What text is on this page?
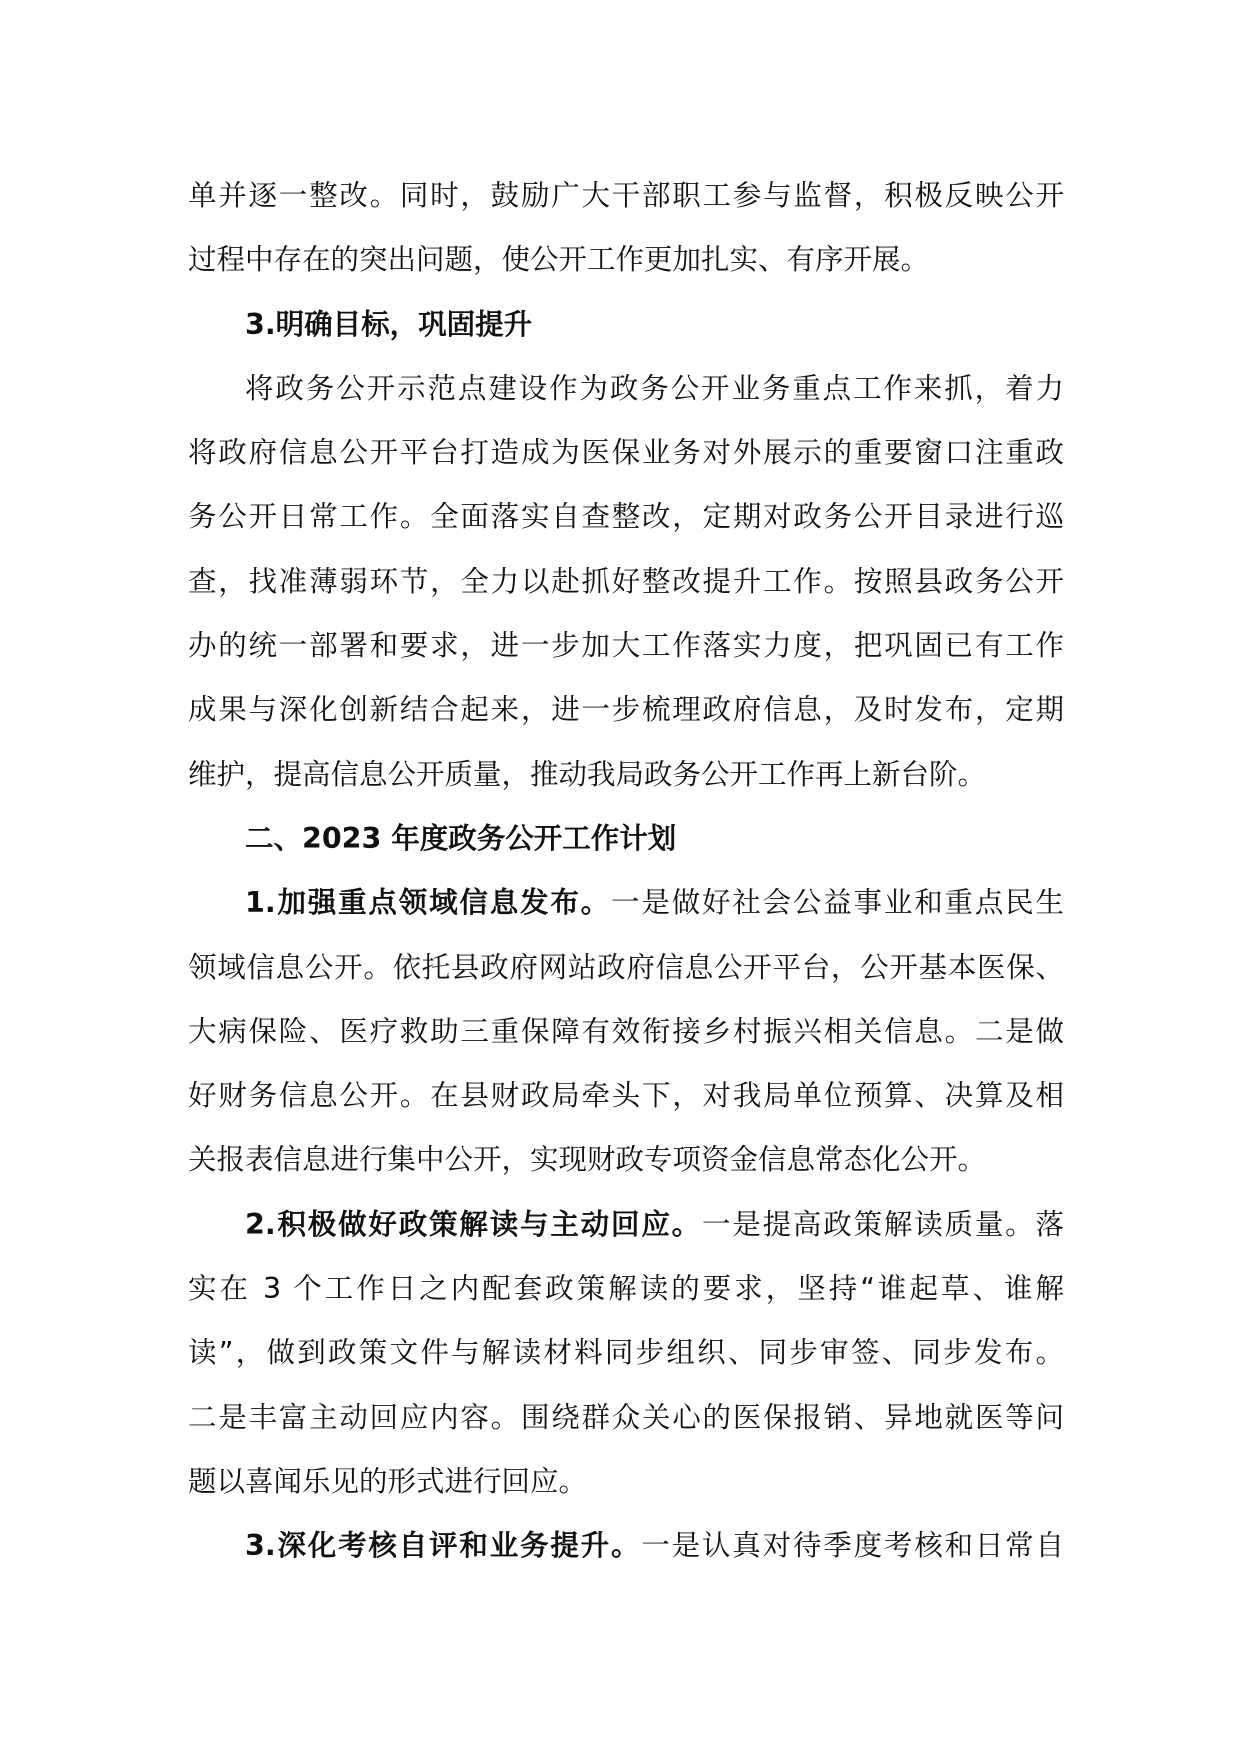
单并逐一整改。同时，鼓励广大干部职工参与监督，积极反映公开
过程中存在的突出问题，使公开工作更加扎实、有序开展。
3.明确目标，巩固提升
将政务公开示范点建设作为政务公开业务重点工作来抓，着力
将政府信息公开平台打造成为医保业务对外展示的重要窗口注重政
务公开日常工作。全面落实自查整改，定期对政务公开目录进行巡
查，找准薄弱环节，全力以赴抓好整改提升工作。按照县政务公开
办的统一部署和要求，进一步加大工作落实力度，把巩固已有工作
成果与深化创新结合起来，进一步梳理政府信息，及时发布，定期
维护，提高信息公开质量，推动我局政务公开工作再上新台阶。
二、2023 年度政务公开工作计划
1.加强重点领域信息发布。一是做好社会公益事业和重点民生
领域信息公开。依托县政府网站政府信息公开平台，公开基本医保、
大病保险、医疗救助三重保障有效衔接乡村振兴相关信息。二是做
好财务信息公开。在县财政局牵头下，对我局单位预算、决算及相
关报表信息进行集中公开，实现财政专项资金信息常态化公开。
2.积极做好政策解读与主动回应。一是提高政策解读质量。落
实在 3 个工作日之内配套政策解读的要求，坚持“谁起草、谁解
读”，做到政策文件与解读材料同步组织、同步审签、同步发布。
二是丰富主动回应内容。围绕群众关心的医保报销、异地就医等问
题以喜闻乐见的形式进行回应。
3.深化考核自评和业务提升。一是认真对待季度考核和日常自
